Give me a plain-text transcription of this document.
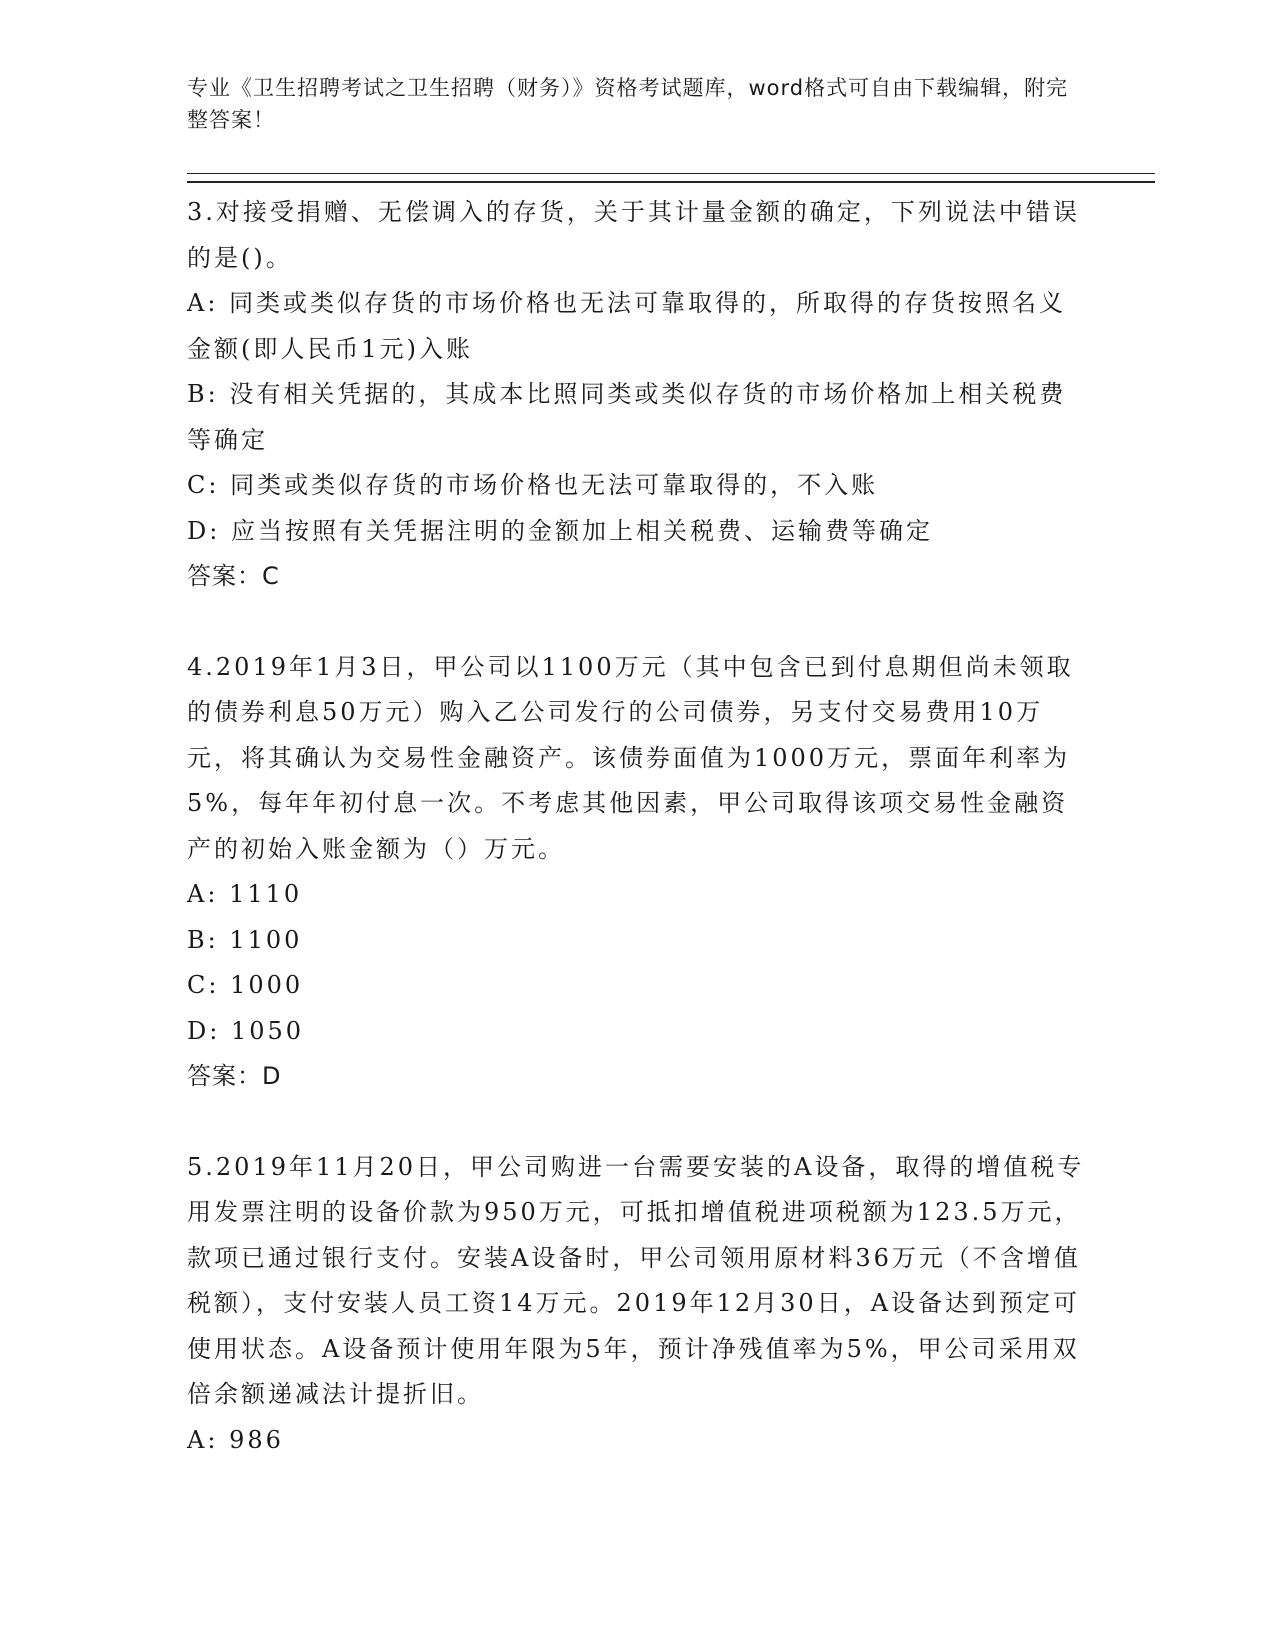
专业《卫生招聘考试之卫生招聘（财务）》资格考试题库，word格式可自由下载编辑，附完整答案！

3.对接受捐赠、无偿调入的存货，关于其计量金额的确定，下列说法中错误的是()。

A: 同类或类似存货的市场价格也无法可靠取得的，所取得的存货按照名义金额(即人民币1元)入账

B: 没有相关凭据的，其成本比照同类或类似存货的市场价格加上相关税费等确定

C: 同类或类似存货的市场价格也无法可靠取得的，不入账

D: 应当按照有关凭据注明的金额加上相关税费、运输费等确定

答案：C

4.2019年1月3日，甲公司以1100万元（其中包含已到付息期但尚未领取的债券利息50万元）购入乙公司发行的公司债券，另支付交易费用10万元，将其确认为交易性金融资产。该债券面值为1000万元，票面年利率为5%，每年年初付息一次。不考虑其他因素，甲公司取得该项交易性金融资产的初始入账金额为（）万元。

A: 1110

B: 1100

C: 1000

D: 1050

答案：D

5.2019年11月20日，甲公司购进一台需要安装的A设备，取得的增值税专用发票注明的设备价款为950万元，可抵扣增值税进项税额为123.5万元，款项已通过银行支付。安装A设备时，甲公司领用原材料36万元（不含增值税额），支付安装人员工资14万元。2019年12月30日，A设备达到预定可使用状态。A设备预计使用年限为5年，预计净残值率为5%，甲公司采用双倍余额递减法计提折旧。

A: 986
